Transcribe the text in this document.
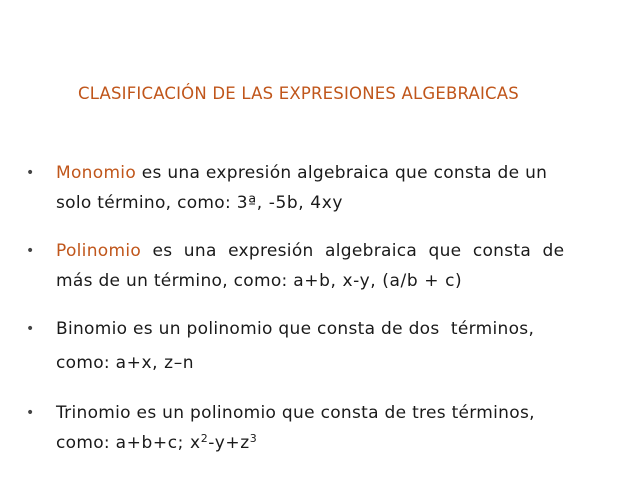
CLASIFICACIÓN DE LAS EXPRESIONES ALGEBRAICAS
•	Monomio es una expresión algebraica que consta de un
solo término, como: 3ª, -5b, 4xy
•	Polinomio  es  una  expresión  algebraica  que  consta  de
más de un término, como: a+b, x-y, (a/b + c)
•	Binomio es un polinomio que consta de dos  términos,
como: a+x, z–n
•	Trinomio es un polinomio que consta de tres términos,
como: a+b+c; $x^2-y+z^3$
